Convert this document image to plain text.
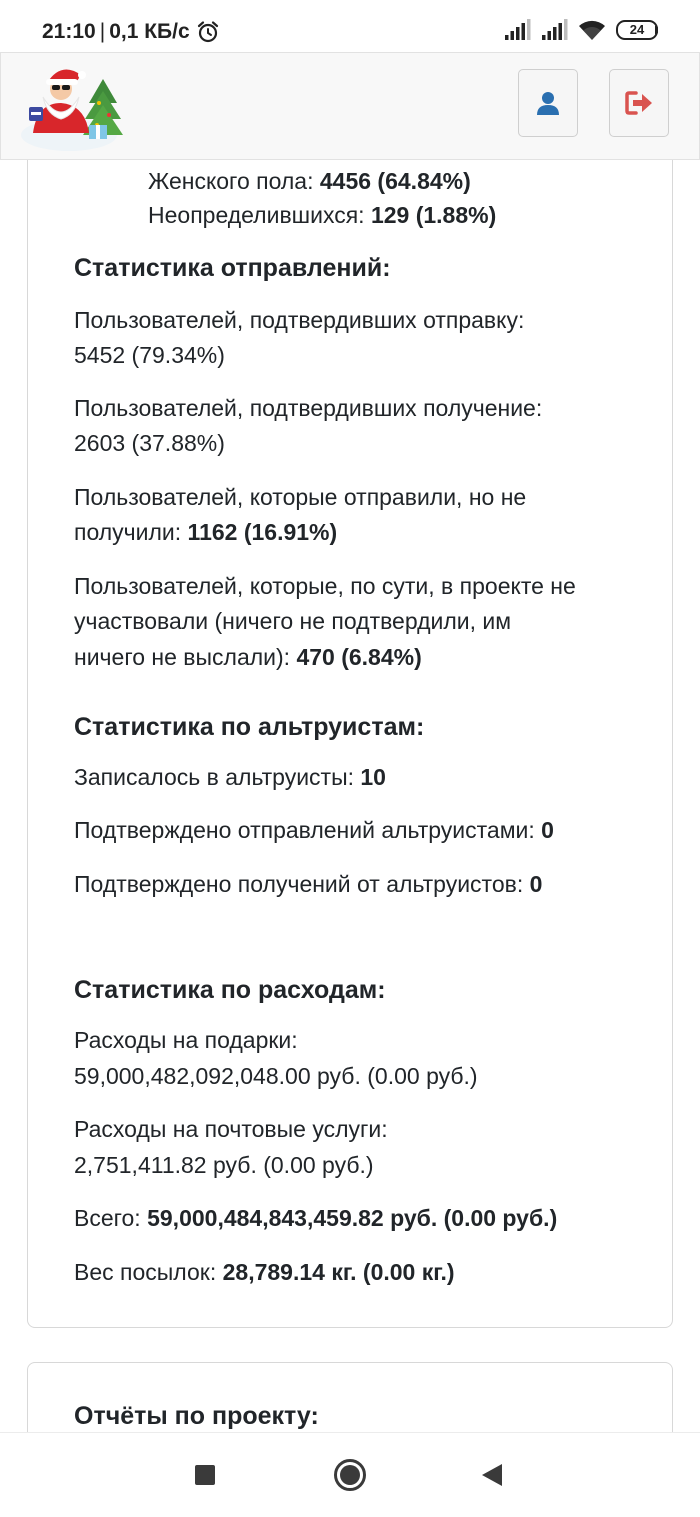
Женского пола: 4456 (64.84%)
Неопределившихся: 129 (1.88%)
Статистика отправлений:
Пользователей, подтвердивших отправку:
5452 (79.34%)
Пользователей, подтвердивших получение:
2603 (37.88%)
Пользователей, которые отправили, но не
получили: 1162 (16.91%)
Пользователей, которые, по сути, в проекте не
участвовали (ничего не подтвердили, им
ничего не выслали): 470 (6.84%)
Статистика по альтруистам:
Записалось в альтруисты: 10
Подтверждено отправлений альтруистами: 0
Подтверждено получений от альтруистов: 0
Статистика по расходам:
Расходы на подарки:
59,000,482,092,048.00 руб. (0.00 руб.)
Расходы на почтовые услуги:
2,751,411.82 руб. (0.00 руб.)
Всего: 59,000,484,843,459.82 руб. (0.00 руб.)
Вес посылок: 28,789.14 кг. (0.00 кг.)
Отчёты по проекту:
21:10 | 0,1 КБ/с	24
